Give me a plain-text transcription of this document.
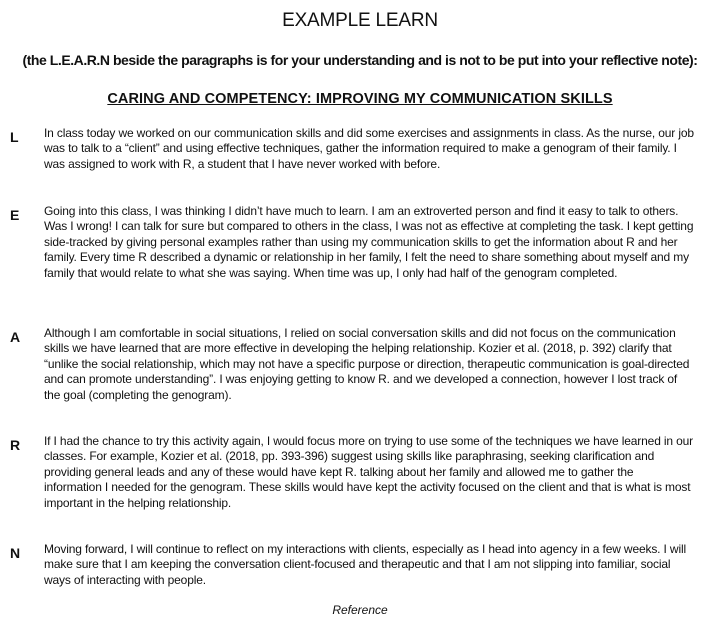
EXAMPLE LEARN

(the L.E.A.R.N beside the paragraphs is for your understanding and is not to be put into your reflective note):

CARING AND COMPETENCY: IMPROVING MY COMMUNICATION SKILLS

L In class today we worked on our communication skills and did some exercises and assignments in class. As the nurse, our job was to talk to a “client” and using effective techniques, gather the information required to make a genogram of their family. I was assigned to work with R, a student that I have never worked with before.

E Going into this class, I was thinking I didn’t have much to learn. I am an extroverted person and find it easy to talk to others. Was I wrong! I can talk for sure but compared to others in the class, I was not as effective at completing the task. I kept getting side-tracked by giving personal examples rather than using my communication skills to get the information about R and her family. Every time R described a dynamic or relationship in her family, I felt the need to share something about myself and my family that would relate to what she was saying. When time was up, I only had half of the genogram completed.

A Although I am comfortable in social situations, I relied on social conversation skills and did not focus on the communication skills we have learned that are more effective in developing the helping relationship. Kozier et al. (2018, p. 392) clarify that “unlike the social relationship, which may not have a specific purpose or direction, therapeutic communication is goal-directed and can promote understanding”. I was enjoying getting to know R. and we developed a connection, however I lost track of the goal (completing the genogram).

R If I had the chance to try this activity again, I would focus more on trying to use some of the techniques we have learned in our classes. For example, Kozier et al. (2018, pp. 393-396) suggest using skills like paraphrasing, seeking clarification and providing general leads and any of these would have kept R. talking about her family and allowed me to gather the information I needed for the genogram. These skills would have kept the activity focused on the client and that is what is most important in the helping relationship.

N Moving forward, I will continue to reflect on my interactions with clients, especially as I head into agency in a few weeks. I will make sure that I am keeping the conversation client-focused and therapeutic and that I am not slipping into familiar, social ways of interacting with people.

Reference
